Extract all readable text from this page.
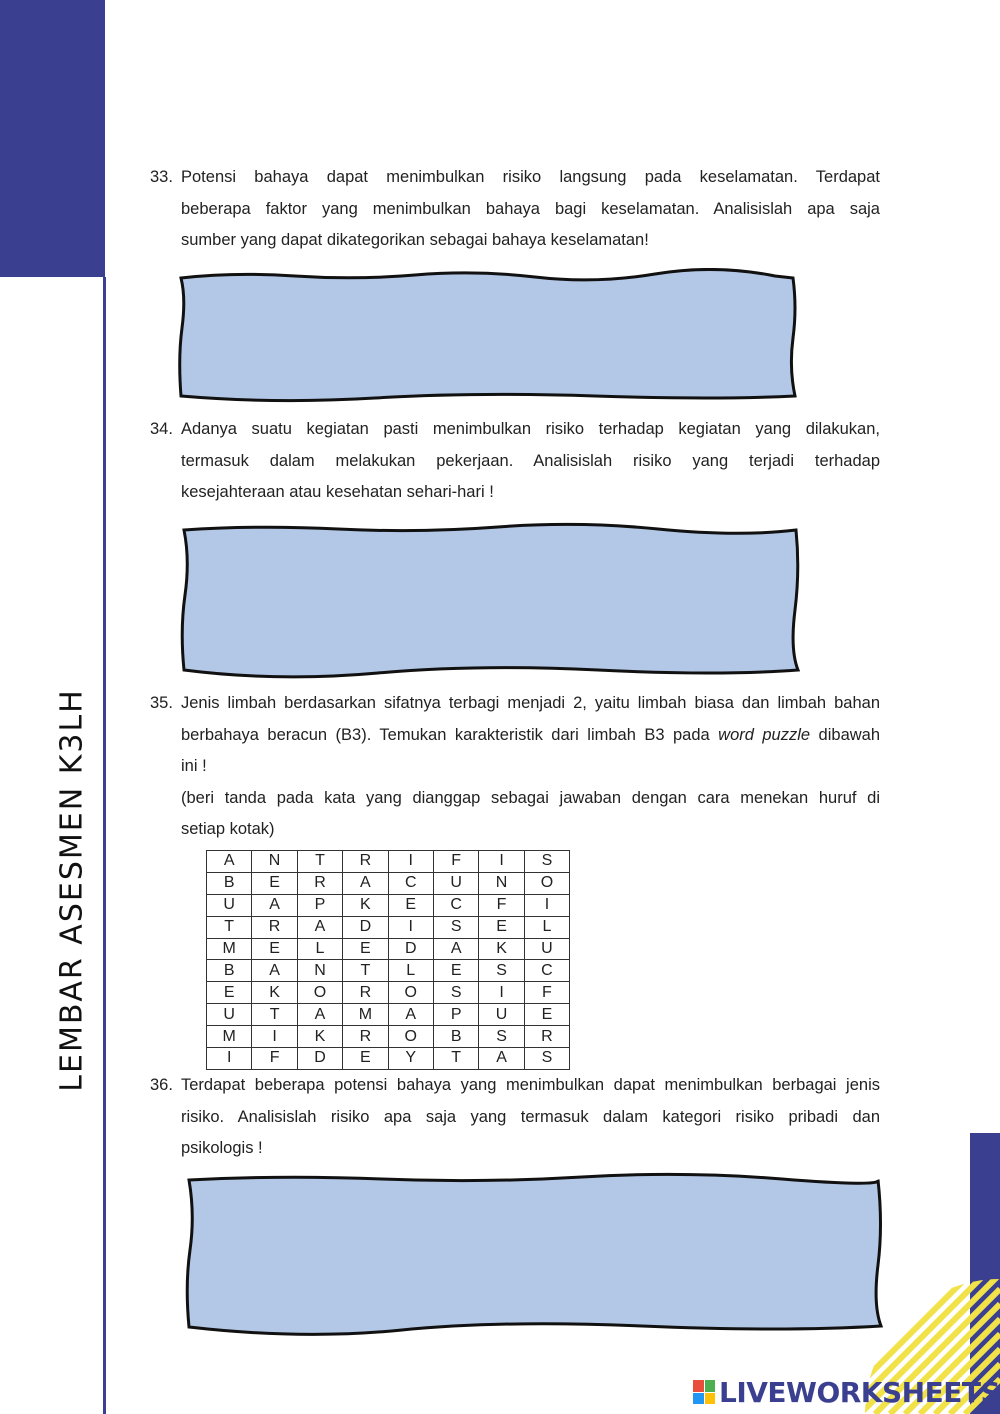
LEMBAR ASESMEN K3LH
33. Potensi bahaya dapat menimbulkan risiko langsung pada keselamatan. Terdapat
beberapa faktor yang menimbulkan bahaya bagi keselamatan. Analisislah apa saja
sumber yang dapat dikategorikan sebagai bahaya keselamatan!
34. Adanya suatu kegiatan pasti menimbulkan risiko terhadap kegiatan yang dilakukan,
termasuk dalam melakukan pekerjaan. Analisislah risiko yang terjadi terhadap
kesejahteraan atau kesehatan sehari-hari !
35. Jenis limbah berdasarkan sifatnya terbagi menjadi 2, yaitu limbah biasa dan limbah bahan
berbahaya beracun (B3). Temukan karakteristik dari limbah B3 pada word puzzle dibawah
ini !
(beri tanda pada kata yang dianggap sebagai jawaban dengan cara menekan huruf di
setiap kotak)
A	N	T	R	I	F	I	S
B	E	R	A	C	U	N	O
U	A	P	K	E	C	F	I
T	R	A	D	I	S	E	L
M	E	L	E	D	A	K	U
B	A	N	T	L	E	S	C
E	K	O	R	O	S	I	F
U	T	A	M	A	P	U	E
M	I	K	R	O	B	S	R
I	F	D	E	Y	T	A	S
36. Terdapat beberapa potensi bahaya yang menimbulkan dapat menimbulkan berbagai jenis
risiko. Analisislah risiko apa saja yang termasuk dalam kategori risiko pribadi dan
psikologis !
LIVEWORKSHEETS
